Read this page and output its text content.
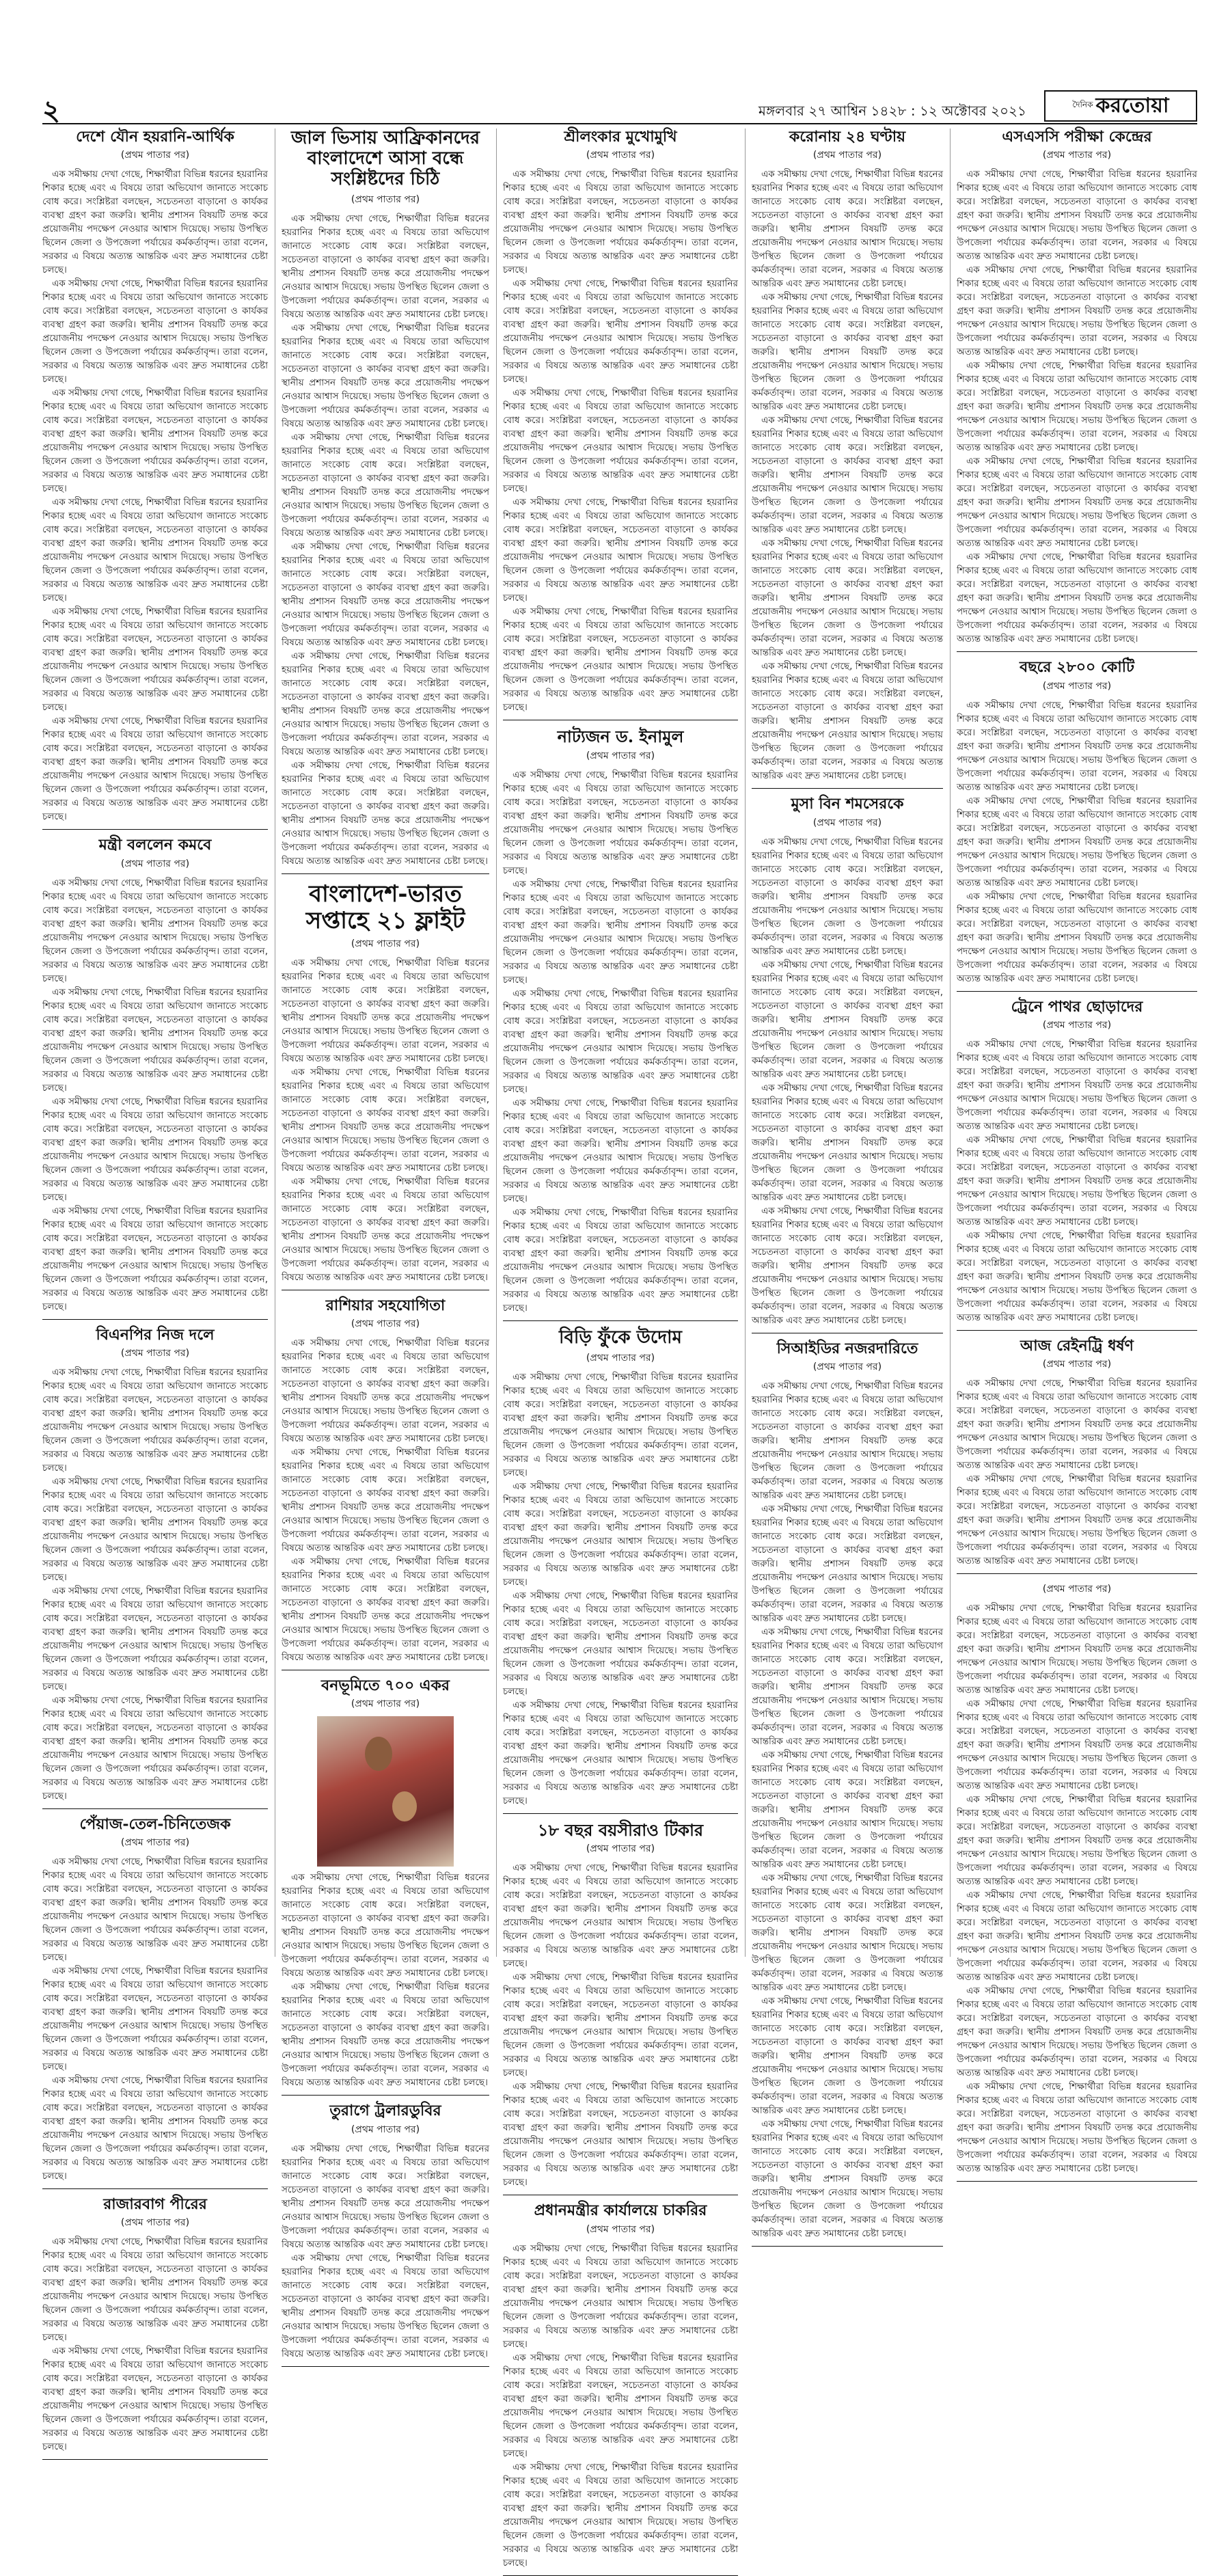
২	মঙ্গলবার ২৭ আশ্বিন ১৪২৮ : ১২ অক্টোবর ২০২১	দৈনিক করতোয়া
দেশে যৌন হয়রানি-আর্থিক
(প্রথম পাতার পর)

এক সমীক্ষায় দেখা গেছে, শিক্ষার্থীরা বিভিন্ন ধরনের হয়রানির শিকার হচ্ছে এবং এ বিষয়ে তারা অভিযোগ জানাতে সংকোচ বোধ করে। সংশ্লিষ্টরা বলছেন, সচেতনতা বাড়ানো ও কার্যকর ব্যবস্থা গ্রহণ করা জরুরি। স্থানীয় প্রশাসন বিষয়টি তদন্ত করে প্রয়োজনীয় পদক্ষেপ নেওয়ার আশ্বাস দিয়েছে। সভায় উপস্থিত ছিলেন জেলা ও উপজেলা পর্যায়ের কর্মকর্তাবৃন্দ। তারা বলেন, সরকার এ বিষয়ে অত্যন্ত আন্তরিক এবং দ্রুত সমাধানের চেষ্টা চলছে।

এক সমীক্ষায় দেখা গেছে, শিক্ষার্থীরা বিভিন্ন ধরনের হয়রানির শিকার হচ্ছে এবং এ বিষয়ে তারা অভিযোগ জানাতে সংকোচ বোধ করে। সংশ্লিষ্টরা বলছেন, সচেতনতা বাড়ানো ও কার্যকর ব্যবস্থা গ্রহণ করা জরুরি। স্থানীয় প্রশাসন বিষয়টি তদন্ত করে প্রয়োজনীয় পদক্ষেপ নেওয়ার আশ্বাস দিয়েছে। সভায় উপস্থিত ছিলেন জেলা ও উপজেলা পর্যায়ের কর্মকর্তাবৃন্দ। তারা বলেন, সরকার এ বিষয়ে অত্যন্ত আন্তরিক এবং দ্রুত সমাধানের চেষ্টা চলছে।

এক সমীক্ষায় দেখা গেছে, শিক্ষার্থীরা বিভিন্ন ধরনের হয়রানির শিকার হচ্ছে এবং এ বিষয়ে তারা অভিযোগ জানাতে সংকোচ বোধ করে। সংশ্লিষ্টরা বলছেন, সচেতনতা বাড়ানো ও কার্যকর ব্যবস্থা গ্রহণ করা জরুরি। স্থানীয় প্রশাসন বিষয়টি তদন্ত করে প্রয়োজনীয় পদক্ষেপ নেওয়ার আশ্বাস দিয়েছে। সভায় উপস্থিত ছিলেন জেলা ও উপজেলা পর্যায়ের কর্মকর্তাবৃন্দ। তারা বলেন, সরকার এ বিষয়ে অত্যন্ত আন্তরিক এবং দ্রুত সমাধানের চেষ্টা চলছে।

এক সমীক্ষায় দেখা গেছে, শিক্ষার্থীরা বিভিন্ন ধরনের হয়রানির শিকার হচ্ছে এবং এ বিষয়ে তারা অভিযোগ জানাতে সংকোচ বোধ করে। সংশ্লিষ্টরা বলছেন, সচেতনতা বাড়ানো ও কার্যকর ব্যবস্থা গ্রহণ করা জরুরি। স্থানীয় প্রশাসন বিষয়টি তদন্ত করে প্রয়োজনীয় পদক্ষেপ নেওয়ার আশ্বাস দিয়েছে। সভায় উপস্থিত ছিলেন জেলা ও উপজেলা পর্যায়ের কর্মকর্তাবৃন্দ। তারা বলেন, সরকার এ বিষয়ে অত্যন্ত আন্তরিক এবং দ্রুত সমাধানের চেষ্টা চলছে।

এক সমীক্ষায় দেখা গেছে, শিক্ষার্থীরা বিভিন্ন ধরনের হয়রানির শিকার হচ্ছে এবং এ বিষয়ে তারা অভিযোগ জানাতে সংকোচ বোধ করে। সংশ্লিষ্টরা বলছেন, সচেতনতা বাড়ানো ও কার্যকর ব্যবস্থা গ্রহণ করা জরুরি। স্থানীয় প্রশাসন বিষয়টি তদন্ত করে প্রয়োজনীয় পদক্ষেপ নেওয়ার আশ্বাস দিয়েছে। সভায় উপস্থিত ছিলেন জেলা ও উপজেলা পর্যায়ের কর্মকর্তাবৃন্দ। তারা বলেন, সরকার এ বিষয়ে অত্যন্ত আন্তরিক এবং দ্রুত সমাধানের চেষ্টা চলছে।

এক সমীক্ষায় দেখা গেছে, শিক্ষার্থীরা বিভিন্ন ধরনের হয়রানির শিকার হচ্ছে এবং এ বিষয়ে তারা অভিযোগ জানাতে সংকোচ বোধ করে। সংশ্লিষ্টরা বলছেন, সচেতনতা বাড়ানো ও কার্যকর ব্যবস্থা গ্রহণ করা জরুরি। স্থানীয় প্রশাসন বিষয়টি তদন্ত করে প্রয়োজনীয় পদক্ষেপ নেওয়ার আশ্বাস দিয়েছে। সভায় উপস্থিত ছিলেন জেলা ও উপজেলা পর্যায়ের কর্মকর্তাবৃন্দ। তারা বলেন, সরকার এ বিষয়ে অত্যন্ত আন্তরিক এবং দ্রুত সমাধানের চেষ্টা চলছে।

মন্ত্রী বললেন কমবে
(প্রথম পাতার পর)

এক সমীক্ষায় দেখা গেছে, শিক্ষার্থীরা বিভিন্ন ধরনের হয়রানির শিকার হচ্ছে এবং এ বিষয়ে তারা অভিযোগ জানাতে সংকোচ বোধ করে। সংশ্লিষ্টরা বলছেন, সচেতনতা বাড়ানো ও কার্যকর ব্যবস্থা গ্রহণ করা জরুরি। স্থানীয় প্রশাসন বিষয়টি তদন্ত করে প্রয়োজনীয় পদক্ষেপ নেওয়ার আশ্বাস দিয়েছে। সভায় উপস্থিত ছিলেন জেলা ও উপজেলা পর্যায়ের কর্মকর্তাবৃন্দ। তারা বলেন, সরকার এ বিষয়ে অত্যন্ত আন্তরিক এবং দ্রুত সমাধানের চেষ্টা চলছে।

এক সমীক্ষায় দেখা গেছে, শিক্ষার্থীরা বিভিন্ন ধরনের হয়রানির শিকার হচ্ছে এবং এ বিষয়ে তারা অভিযোগ জানাতে সংকোচ বোধ করে। সংশ্লিষ্টরা বলছেন, সচেতনতা বাড়ানো ও কার্যকর ব্যবস্থা গ্রহণ করা জরুরি। স্থানীয় প্রশাসন বিষয়টি তদন্ত করে প্রয়োজনীয় পদক্ষেপ নেওয়ার আশ্বাস দিয়েছে। সভায় উপস্থিত ছিলেন জেলা ও উপজেলা পর্যায়ের কর্মকর্তাবৃন্দ। তারা বলেন, সরকার এ বিষয়ে অত্যন্ত আন্তরিক এবং দ্রুত সমাধানের চেষ্টা চলছে।

এক সমীক্ষায় দেখা গেছে, শিক্ষার্থীরা বিভিন্ন ধরনের হয়রানির শিকার হচ্ছে এবং এ বিষয়ে তারা অভিযোগ জানাতে সংকোচ বোধ করে। সংশ্লিষ্টরা বলছেন, সচেতনতা বাড়ানো ও কার্যকর ব্যবস্থা গ্রহণ করা জরুরি। স্থানীয় প্রশাসন বিষয়টি তদন্ত করে প্রয়োজনীয় পদক্ষেপ নেওয়ার আশ্বাস দিয়েছে। সভায় উপস্থিত ছিলেন জেলা ও উপজেলা পর্যায়ের কর্মকর্তাবৃন্দ। তারা বলেন, সরকার এ বিষয়ে অত্যন্ত আন্তরিক এবং দ্রুত সমাধানের চেষ্টা চলছে।

এক সমীক্ষায় দেখা গেছে, শিক্ষার্থীরা বিভিন্ন ধরনের হয়রানির শিকার হচ্ছে এবং এ বিষয়ে তারা অভিযোগ জানাতে সংকোচ বোধ করে। সংশ্লিষ্টরা বলছেন, সচেতনতা বাড়ানো ও কার্যকর ব্যবস্থা গ্রহণ করা জরুরি। স্থানীয় প্রশাসন বিষয়টি তদন্ত করে প্রয়োজনীয় পদক্ষেপ নেওয়ার আশ্বাস দিয়েছে। সভায় উপস্থিত ছিলেন জেলা ও উপজেলা পর্যায়ের কর্মকর্তাবৃন্দ। তারা বলেন, সরকার এ বিষয়ে অত্যন্ত আন্তরিক এবং দ্রুত সমাধানের চেষ্টা চলছে।

বিএনপির নিজ দলে
(প্রথম পাতার পর)

এক সমীক্ষায় দেখা গেছে, শিক্ষার্থীরা বিভিন্ন ধরনের হয়রানির শিকার হচ্ছে এবং এ বিষয়ে তারা অভিযোগ জানাতে সংকোচ বোধ করে। সংশ্লিষ্টরা বলছেন, সচেতনতা বাড়ানো ও কার্যকর ব্যবস্থা গ্রহণ করা জরুরি। স্থানীয় প্রশাসন বিষয়টি তদন্ত করে প্রয়োজনীয় পদক্ষেপ নেওয়ার আশ্বাস দিয়েছে। সভায় উপস্থিত ছিলেন জেলা ও উপজেলা পর্যায়ের কর্মকর্তাবৃন্দ। তারা বলেন, সরকার এ বিষয়ে অত্যন্ত আন্তরিক এবং দ্রুত সমাধানের চেষ্টা চলছে।

এক সমীক্ষায় দেখা গেছে, শিক্ষার্থীরা বিভিন্ন ধরনের হয়রানির শিকার হচ্ছে এবং এ বিষয়ে তারা অভিযোগ জানাতে সংকোচ বোধ করে। সংশ্লিষ্টরা বলছেন, সচেতনতা বাড়ানো ও কার্যকর ব্যবস্থা গ্রহণ করা জরুরি। স্থানীয় প্রশাসন বিষয়টি তদন্ত করে প্রয়োজনীয় পদক্ষেপ নেওয়ার আশ্বাস দিয়েছে। সভায় উপস্থিত ছিলেন জেলা ও উপজেলা পর্যায়ের কর্মকর্তাবৃন্দ। তারা বলেন, সরকার এ বিষয়ে অত্যন্ত আন্তরিক এবং দ্রুত সমাধানের চেষ্টা চলছে।

এক সমীক্ষায় দেখা গেছে, শিক্ষার্থীরা বিভিন্ন ধরনের হয়রানির শিকার হচ্ছে এবং এ বিষয়ে তারা অভিযোগ জানাতে সংকোচ বোধ করে। সংশ্লিষ্টরা বলছেন, সচেতনতা বাড়ানো ও কার্যকর ব্যবস্থা গ্রহণ করা জরুরি। স্থানীয় প্রশাসন বিষয়টি তদন্ত করে প্রয়োজনীয় পদক্ষেপ নেওয়ার আশ্বাস দিয়েছে। সভায় উপস্থিত ছিলেন জেলা ও উপজেলা পর্যায়ের কর্মকর্তাবৃন্দ। তারা বলেন, সরকার এ বিষয়ে অত্যন্ত আন্তরিক এবং দ্রুত সমাধানের চেষ্টা চলছে।

এক সমীক্ষায় দেখা গেছে, শিক্ষার্থীরা বিভিন্ন ধরনের হয়রানির শিকার হচ্ছে এবং এ বিষয়ে তারা অভিযোগ জানাতে সংকোচ বোধ করে। সংশ্লিষ্টরা বলছেন, সচেতনতা বাড়ানো ও কার্যকর ব্যবস্থা গ্রহণ করা জরুরি। স্থানীয় প্রশাসন বিষয়টি তদন্ত করে প্রয়োজনীয় পদক্ষেপ নেওয়ার আশ্বাস দিয়েছে। সভায় উপস্থিত ছিলেন জেলা ও উপজেলা পর্যায়ের কর্মকর্তাবৃন্দ। তারা বলেন, সরকার এ বিষয়ে অত্যন্ত আন্তরিক এবং দ্রুত সমাধানের চেষ্টা চলছে।

পেঁয়াজ-তেল-চিনিতেজক
(প্রথম পাতার পর)

এক সমীক্ষায় দেখা গেছে, শিক্ষার্থীরা বিভিন্ন ধরনের হয়রানির শিকার হচ্ছে এবং এ বিষয়ে তারা অভিযোগ জানাতে সংকোচ বোধ করে। সংশ্লিষ্টরা বলছেন, সচেতনতা বাড়ানো ও কার্যকর ব্যবস্থা গ্রহণ করা জরুরি। স্থানীয় প্রশাসন বিষয়টি তদন্ত করে প্রয়োজনীয় পদক্ষেপ নেওয়ার আশ্বাস দিয়েছে। সভায় উপস্থিত ছিলেন জেলা ও উপজেলা পর্যায়ের কর্মকর্তাবৃন্দ। তারা বলেন, সরকার এ বিষয়ে অত্যন্ত আন্তরিক এবং দ্রুত সমাধানের চেষ্টা চলছে।

এক সমীক্ষায় দেখা গেছে, শিক্ষার্থীরা বিভিন্ন ধরনের হয়রানির শিকার হচ্ছে এবং এ বিষয়ে তারা অভিযোগ জানাতে সংকোচ বোধ করে। সংশ্লিষ্টরা বলছেন, সচেতনতা বাড়ানো ও কার্যকর ব্যবস্থা গ্রহণ করা জরুরি। স্থানীয় প্রশাসন বিষয়টি তদন্ত করে প্রয়োজনীয় পদক্ষেপ নেওয়ার আশ্বাস দিয়েছে। সভায় উপস্থিত ছিলেন জেলা ও উপজেলা পর্যায়ের কর্মকর্তাবৃন্দ। তারা বলেন, সরকার এ বিষয়ে অত্যন্ত আন্তরিক এবং দ্রুত সমাধানের চেষ্টা চলছে।

এক সমীক্ষায় দেখা গেছে, শিক্ষার্থীরা বিভিন্ন ধরনের হয়রানির শিকার হচ্ছে এবং এ বিষয়ে তারা অভিযোগ জানাতে সংকোচ বোধ করে। সংশ্লিষ্টরা বলছেন, সচেতনতা বাড়ানো ও কার্যকর ব্যবস্থা গ্রহণ করা জরুরি। স্থানীয় প্রশাসন বিষয়টি তদন্ত করে প্রয়োজনীয় পদক্ষেপ নেওয়ার আশ্বাস দিয়েছে। সভায় উপস্থিত ছিলেন জেলা ও উপজেলা পর্যায়ের কর্মকর্তাবৃন্দ। তারা বলেন, সরকার এ বিষয়ে অত্যন্ত আন্তরিক এবং দ্রুত সমাধানের চেষ্টা চলছে।

রাজারবাগ পীরের
(প্রথম পাতার পর)

এক সমীক্ষায় দেখা গেছে, শিক্ষার্থীরা বিভিন্ন ধরনের হয়রানির শিকার হচ্ছে এবং এ বিষয়ে তারা অভিযোগ জানাতে সংকোচ বোধ করে। সংশ্লিষ্টরা বলছেন, সচেতনতা বাড়ানো ও কার্যকর ব্যবস্থা গ্রহণ করা জরুরি। স্থানীয় প্রশাসন বিষয়টি তদন্ত করে প্রয়োজনীয় পদক্ষেপ নেওয়ার আশ্বাস দিয়েছে। সভায় উপস্থিত ছিলেন জেলা ও উপজেলা পর্যায়ের কর্মকর্তাবৃন্দ। তারা বলেন, সরকার এ বিষয়ে অত্যন্ত আন্তরিক এবং দ্রুত সমাধানের চেষ্টা চলছে।

এক সমীক্ষায় দেখা গেছে, শিক্ষার্থীরা বিভিন্ন ধরনের হয়রানির শিকার হচ্ছে এবং এ বিষয়ে তারা অভিযোগ জানাতে সংকোচ বোধ করে। সংশ্লিষ্টরা বলছেন, সচেতনতা বাড়ানো ও কার্যকর ব্যবস্থা গ্রহণ করা জরুরি। স্থানীয় প্রশাসন বিষয়টি তদন্ত করে প্রয়োজনীয় পদক্ষেপ নেওয়ার আশ্বাস দিয়েছে। সভায় উপস্থিত ছিলেন জেলা ও উপজেলা পর্যায়ের কর্মকর্তাবৃন্দ। তারা বলেন, সরকার এ বিষয়ে অত্যন্ত আন্তরিক এবং দ্রুত সমাধানের চেষ্টা চলছে।

জাল ভিসায় আফ্রিকানদের বাংলাদেশে আসা বন্ধে সংশ্লিষ্টদের চিঠি
(প্রথম পাতার পর)

এক সমীক্ষায় দেখা গেছে, শিক্ষার্থীরা বিভিন্ন ধরনের হয়রানির শিকার হচ্ছে এবং এ বিষয়ে তারা অভিযোগ জানাতে সংকোচ বোধ করে। সংশ্লিষ্টরা বলছেন, সচেতনতা বাড়ানো ও কার্যকর ব্যবস্থা গ্রহণ করা জরুরি। স্থানীয় প্রশাসন বিষয়টি তদন্ত করে প্রয়োজনীয় পদক্ষেপ নেওয়ার আশ্বাস দিয়েছে। সভায় উপস্থিত ছিলেন জেলা ও উপজেলা পর্যায়ের কর্মকর্তাবৃন্দ। তারা বলেন, সরকার এ বিষয়ে অত্যন্ত আন্তরিক এবং দ্রুত সমাধানের চেষ্টা চলছে।

এক সমীক্ষায় দেখা গেছে, শিক্ষার্থীরা বিভিন্ন ধরনের হয়রানির শিকার হচ্ছে এবং এ বিষয়ে তারা অভিযোগ জানাতে সংকোচ বোধ করে। সংশ্লিষ্টরা বলছেন, সচেতনতা বাড়ানো ও কার্যকর ব্যবস্থা গ্রহণ করা জরুরি। স্থানীয় প্রশাসন বিষয়টি তদন্ত করে প্রয়োজনীয় পদক্ষেপ নেওয়ার আশ্বাস দিয়েছে। সভায় উপস্থিত ছিলেন জেলা ও উপজেলা পর্যায়ের কর্মকর্তাবৃন্দ। তারা বলেন, সরকার এ বিষয়ে অত্যন্ত আন্তরিক এবং দ্রুত সমাধানের চেষ্টা চলছে।

এক সমীক্ষায় দেখা গেছে, শিক্ষার্থীরা বিভিন্ন ধরনের হয়রানির শিকার হচ্ছে এবং এ বিষয়ে তারা অভিযোগ জানাতে সংকোচ বোধ করে। সংশ্লিষ্টরা বলছেন, সচেতনতা বাড়ানো ও কার্যকর ব্যবস্থা গ্রহণ করা জরুরি। স্থানীয় প্রশাসন বিষয়টি তদন্ত করে প্রয়োজনীয় পদক্ষেপ নেওয়ার আশ্বাস দিয়েছে। সভায় উপস্থিত ছিলেন জেলা ও উপজেলা পর্যায়ের কর্মকর্তাবৃন্দ। তারা বলেন, সরকার এ বিষয়ে অত্যন্ত আন্তরিক এবং দ্রুত সমাধানের চেষ্টা চলছে।

এক সমীক্ষায় দেখা গেছে, শিক্ষার্থীরা বিভিন্ন ধরনের হয়রানির শিকার হচ্ছে এবং এ বিষয়ে তারা অভিযোগ জানাতে সংকোচ বোধ করে। সংশ্লিষ্টরা বলছেন, সচেতনতা বাড়ানো ও কার্যকর ব্যবস্থা গ্রহণ করা জরুরি। স্থানীয় প্রশাসন বিষয়টি তদন্ত করে প্রয়োজনীয় পদক্ষেপ নেওয়ার আশ্বাস দিয়েছে। সভায় উপস্থিত ছিলেন জেলা ও উপজেলা পর্যায়ের কর্মকর্তাবৃন্দ। তারা বলেন, সরকার এ বিষয়ে অত্যন্ত আন্তরিক এবং দ্রুত সমাধানের চেষ্টা চলছে।

এক সমীক্ষায় দেখা গেছে, শিক্ষার্থীরা বিভিন্ন ধরনের হয়রানির শিকার হচ্ছে এবং এ বিষয়ে তারা অভিযোগ জানাতে সংকোচ বোধ করে। সংশ্লিষ্টরা বলছেন, সচেতনতা বাড়ানো ও কার্যকর ব্যবস্থা গ্রহণ করা জরুরি। স্থানীয় প্রশাসন বিষয়টি তদন্ত করে প্রয়োজনীয় পদক্ষেপ নেওয়ার আশ্বাস দিয়েছে। সভায় উপস্থিত ছিলেন জেলা ও উপজেলা পর্যায়ের কর্মকর্তাবৃন্দ। তারা বলেন, সরকার এ বিষয়ে অত্যন্ত আন্তরিক এবং দ্রুত সমাধানের চেষ্টা চলছে।

এক সমীক্ষায় দেখা গেছে, শিক্ষার্থীরা বিভিন্ন ধরনের হয়রানির শিকার হচ্ছে এবং এ বিষয়ে তারা অভিযোগ জানাতে সংকোচ বোধ করে। সংশ্লিষ্টরা বলছেন, সচেতনতা বাড়ানো ও কার্যকর ব্যবস্থা গ্রহণ করা জরুরি। স্থানীয় প্রশাসন বিষয়টি তদন্ত করে প্রয়োজনীয় পদক্ষেপ নেওয়ার আশ্বাস দিয়েছে। সভায় উপস্থিত ছিলেন জেলা ও উপজেলা পর্যায়ের কর্মকর্তাবৃন্দ। তারা বলেন, সরকার এ বিষয়ে অত্যন্ত আন্তরিক এবং দ্রুত সমাধানের চেষ্টা চলছে।

বাংলাদেশ-ভারত সপ্তাহে ২১ ফ্লাইট
(প্রথম পাতার পর)

এক সমীক্ষায় দেখা গেছে, শিক্ষার্থীরা বিভিন্ন ধরনের হয়রানির শিকার হচ্ছে এবং এ বিষয়ে তারা অভিযোগ জানাতে সংকোচ বোধ করে। সংশ্লিষ্টরা বলছেন, সচেতনতা বাড়ানো ও কার্যকর ব্যবস্থা গ্রহণ করা জরুরি। স্থানীয় প্রশাসন বিষয়টি তদন্ত করে প্রয়োজনীয় পদক্ষেপ নেওয়ার আশ্বাস দিয়েছে। সভায় উপস্থিত ছিলেন জেলা ও উপজেলা পর্যায়ের কর্মকর্তাবৃন্দ। তারা বলেন, সরকার এ বিষয়ে অত্যন্ত আন্তরিক এবং দ্রুত সমাধানের চেষ্টা চলছে।

এক সমীক্ষায় দেখা গেছে, শিক্ষার্থীরা বিভিন্ন ধরনের হয়রানির শিকার হচ্ছে এবং এ বিষয়ে তারা অভিযোগ জানাতে সংকোচ বোধ করে। সংশ্লিষ্টরা বলছেন, সচেতনতা বাড়ানো ও কার্যকর ব্যবস্থা গ্রহণ করা জরুরি। স্থানীয় প্রশাসন বিষয়টি তদন্ত করে প্রয়োজনীয় পদক্ষেপ নেওয়ার আশ্বাস দিয়েছে। সভায় উপস্থিত ছিলেন জেলা ও উপজেলা পর্যায়ের কর্মকর্তাবৃন্দ। তারা বলেন, সরকার এ বিষয়ে অত্যন্ত আন্তরিক এবং দ্রুত সমাধানের চেষ্টা চলছে।

এক সমীক্ষায় দেখা গেছে, শিক্ষার্থীরা বিভিন্ন ধরনের হয়রানির শিকার হচ্ছে এবং এ বিষয়ে তারা অভিযোগ জানাতে সংকোচ বোধ করে। সংশ্লিষ্টরা বলছেন, সচেতনতা বাড়ানো ও কার্যকর ব্যবস্থা গ্রহণ করা জরুরি। স্থানীয় প্রশাসন বিষয়টি তদন্ত করে প্রয়োজনীয় পদক্ষেপ নেওয়ার আশ্বাস দিয়েছে। সভায় উপস্থিত ছিলেন জেলা ও উপজেলা পর্যায়ের কর্মকর্তাবৃন্দ। তারা বলেন, সরকার এ বিষয়ে অত্যন্ত আন্তরিক এবং দ্রুত সমাধানের চেষ্টা চলছে।

রাশিয়ার সহযোগিতা
(প্রথম পাতার পর)

এক সমীক্ষায় দেখা গেছে, শিক্ষার্থীরা বিভিন্ন ধরনের হয়রানির শিকার হচ্ছে এবং এ বিষয়ে তারা অভিযোগ জানাতে সংকোচ বোধ করে। সংশ্লিষ্টরা বলছেন, সচেতনতা বাড়ানো ও কার্যকর ব্যবস্থা গ্রহণ করা জরুরি। স্থানীয় প্রশাসন বিষয়টি তদন্ত করে প্রয়োজনীয় পদক্ষেপ নেওয়ার আশ্বাস দিয়েছে। সভায় উপস্থিত ছিলেন জেলা ও উপজেলা পর্যায়ের কর্মকর্তাবৃন্দ। তারা বলেন, সরকার এ বিষয়ে অত্যন্ত আন্তরিক এবং দ্রুত সমাধানের চেষ্টা চলছে।

এক সমীক্ষায় দেখা গেছে, শিক্ষার্থীরা বিভিন্ন ধরনের হয়রানির শিকার হচ্ছে এবং এ বিষয়ে তারা অভিযোগ জানাতে সংকোচ বোধ করে। সংশ্লিষ্টরা বলছেন, সচেতনতা বাড়ানো ও কার্যকর ব্যবস্থা গ্রহণ করা জরুরি। স্থানীয় প্রশাসন বিষয়টি তদন্ত করে প্রয়োজনীয় পদক্ষেপ নেওয়ার আশ্বাস দিয়েছে। সভায় উপস্থিত ছিলেন জেলা ও উপজেলা পর্যায়ের কর্মকর্তাবৃন্দ। তারা বলেন, সরকার এ বিষয়ে অত্যন্ত আন্তরিক এবং দ্রুত সমাধানের চেষ্টা চলছে।

এক সমীক্ষায় দেখা গেছে, শিক্ষার্থীরা বিভিন্ন ধরনের হয়রানির শিকার হচ্ছে এবং এ বিষয়ে তারা অভিযোগ জানাতে সংকোচ বোধ করে। সংশ্লিষ্টরা বলছেন, সচেতনতা বাড়ানো ও কার্যকর ব্যবস্থা গ্রহণ করা জরুরি। স্থানীয় প্রশাসন বিষয়টি তদন্ত করে প্রয়োজনীয় পদক্ষেপ নেওয়ার আশ্বাস দিয়েছে। সভায় উপস্থিত ছিলেন জেলা ও উপজেলা পর্যায়ের কর্মকর্তাবৃন্দ। তারা বলেন, সরকার এ বিষয়ে অত্যন্ত আন্তরিক এবং দ্রুত সমাধানের চেষ্টা চলছে।

বনভূমিতে ৭০০ একর
(প্রথম পাতার পর)

এক সমীক্ষায় দেখা গেছে, শিক্ষার্থীরা বিভিন্ন ধরনের হয়রানির শিকার হচ্ছে এবং এ বিষয়ে তারা অভিযোগ জানাতে সংকোচ বোধ করে। সংশ্লিষ্টরা বলছেন, সচেতনতা বাড়ানো ও কার্যকর ব্যবস্থা গ্রহণ করা জরুরি। স্থানীয় প্রশাসন বিষয়টি তদন্ত করে প্রয়োজনীয় পদক্ষেপ নেওয়ার আশ্বাস দিয়েছে। সভায় উপস্থিত ছিলেন জেলা ও উপজেলা পর্যায়ের কর্মকর্তাবৃন্দ। তারা বলেন, সরকার এ বিষয়ে অত্যন্ত আন্তরিক এবং দ্রুত সমাধানের চেষ্টা চলছে।

এক সমীক্ষায় দেখা গেছে, শিক্ষার্থীরা বিভিন্ন ধরনের হয়রানির শিকার হচ্ছে এবং এ বিষয়ে তারা অভিযোগ জানাতে সংকোচ বোধ করে। সংশ্লিষ্টরা বলছেন, সচেতনতা বাড়ানো ও কার্যকর ব্যবস্থা গ্রহণ করা জরুরি। স্থানীয় প্রশাসন বিষয়টি তদন্ত করে প্রয়োজনীয় পদক্ষেপ নেওয়ার আশ্বাস দিয়েছে। সভায় উপস্থিত ছিলেন জেলা ও উপজেলা পর্যায়ের কর্মকর্তাবৃন্দ। তারা বলেন, সরকার এ বিষয়ে অত্যন্ত আন্তরিক এবং দ্রুত সমাধানের চেষ্টা চলছে।

তুরাগে ট্রলারডুবির
(প্রথম পাতার পর)

এক সমীক্ষায় দেখা গেছে, শিক্ষার্থীরা বিভিন্ন ধরনের হয়রানির শিকার হচ্ছে এবং এ বিষয়ে তারা অভিযোগ জানাতে সংকোচ বোধ করে। সংশ্লিষ্টরা বলছেন, সচেতনতা বাড়ানো ও কার্যকর ব্যবস্থা গ্রহণ করা জরুরি। স্থানীয় প্রশাসন বিষয়টি তদন্ত করে প্রয়োজনীয় পদক্ষেপ নেওয়ার আশ্বাস দিয়েছে। সভায় উপস্থিত ছিলেন জেলা ও উপজেলা পর্যায়ের কর্মকর্তাবৃন্দ। তারা বলেন, সরকার এ বিষয়ে অত্যন্ত আন্তরিক এবং দ্রুত সমাধানের চেষ্টা চলছে।

এক সমীক্ষায় দেখা গেছে, শিক্ষার্থীরা বিভিন্ন ধরনের হয়রানির শিকার হচ্ছে এবং এ বিষয়ে তারা অভিযোগ জানাতে সংকোচ বোধ করে। সংশ্লিষ্টরা বলছেন, সচেতনতা বাড়ানো ও কার্যকর ব্যবস্থা গ্রহণ করা জরুরি। স্থানীয় প্রশাসন বিষয়টি তদন্ত করে প্রয়োজনীয় পদক্ষেপ নেওয়ার আশ্বাস দিয়েছে। সভায় উপস্থিত ছিলেন জেলা ও উপজেলা পর্যায়ের কর্মকর্তাবৃন্দ। তারা বলেন, সরকার এ বিষয়ে অত্যন্ত আন্তরিক এবং দ্রুত সমাধানের চেষ্টা চলছে।

শ্রীলংকার মুখোমুখি
(প্রথম পাতার পর)

এক সমীক্ষায় দেখা গেছে, শিক্ষার্থীরা বিভিন্ন ধরনের হয়রানির শিকার হচ্ছে এবং এ বিষয়ে তারা অভিযোগ জানাতে সংকোচ বোধ করে। সংশ্লিষ্টরা বলছেন, সচেতনতা বাড়ানো ও কার্যকর ব্যবস্থা গ্রহণ করা জরুরি। স্থানীয় প্রশাসন বিষয়টি তদন্ত করে প্রয়োজনীয় পদক্ষেপ নেওয়ার আশ্বাস দিয়েছে। সভায় উপস্থিত ছিলেন জেলা ও উপজেলা পর্যায়ের কর্মকর্তাবৃন্দ। তারা বলেন, সরকার এ বিষয়ে অত্যন্ত আন্তরিক এবং দ্রুত সমাধানের চেষ্টা চলছে।

এক সমীক্ষায় দেখা গেছে, শিক্ষার্থীরা বিভিন্ন ধরনের হয়রানির শিকার হচ্ছে এবং এ বিষয়ে তারা অভিযোগ জানাতে সংকোচ বোধ করে। সংশ্লিষ্টরা বলছেন, সচেতনতা বাড়ানো ও কার্যকর ব্যবস্থা গ্রহণ করা জরুরি। স্থানীয় প্রশাসন বিষয়টি তদন্ত করে প্রয়োজনীয় পদক্ষেপ নেওয়ার আশ্বাস দিয়েছে। সভায় উপস্থিত ছিলেন জেলা ও উপজেলা পর্যায়ের কর্মকর্তাবৃন্দ। তারা বলেন, সরকার এ বিষয়ে অত্যন্ত আন্তরিক এবং দ্রুত সমাধানের চেষ্টা চলছে।

এক সমীক্ষায় দেখা গেছে, শিক্ষার্থীরা বিভিন্ন ধরনের হয়রানির শিকার হচ্ছে এবং এ বিষয়ে তারা অভিযোগ জানাতে সংকোচ বোধ করে। সংশ্লিষ্টরা বলছেন, সচেতনতা বাড়ানো ও কার্যকর ব্যবস্থা গ্রহণ করা জরুরি। স্থানীয় প্রশাসন বিষয়টি তদন্ত করে প্রয়োজনীয় পদক্ষেপ নেওয়ার আশ্বাস দিয়েছে। সভায় উপস্থিত ছিলেন জেলা ও উপজেলা পর্যায়ের কর্মকর্তাবৃন্দ। তারা বলেন, সরকার এ বিষয়ে অত্যন্ত আন্তরিক এবং দ্রুত সমাধানের চেষ্টা চলছে।

এক সমীক্ষায় দেখা গেছে, শিক্ষার্থীরা বিভিন্ন ধরনের হয়রানির শিকার হচ্ছে এবং এ বিষয়ে তারা অভিযোগ জানাতে সংকোচ বোধ করে। সংশ্লিষ্টরা বলছেন, সচেতনতা বাড়ানো ও কার্যকর ব্যবস্থা গ্রহণ করা জরুরি। স্থানীয় প্রশাসন বিষয়টি তদন্ত করে প্রয়োজনীয় পদক্ষেপ নেওয়ার আশ্বাস দিয়েছে। সভায় উপস্থিত ছিলেন জেলা ও উপজেলা পর্যায়ের কর্মকর্তাবৃন্দ। তারা বলেন, সরকার এ বিষয়ে অত্যন্ত আন্তরিক এবং দ্রুত সমাধানের চেষ্টা চলছে।

এক সমীক্ষায় দেখা গেছে, শিক্ষার্থীরা বিভিন্ন ধরনের হয়রানির শিকার হচ্ছে এবং এ বিষয়ে তারা অভিযোগ জানাতে সংকোচ বোধ করে। সংশ্লিষ্টরা বলছেন, সচেতনতা বাড়ানো ও কার্যকর ব্যবস্থা গ্রহণ করা জরুরি। স্থানীয় প্রশাসন বিষয়টি তদন্ত করে প্রয়োজনীয় পদক্ষেপ নেওয়ার আশ্বাস দিয়েছে। সভায় উপস্থিত ছিলেন জেলা ও উপজেলা পর্যায়ের কর্মকর্তাবৃন্দ। তারা বলেন, সরকার এ বিষয়ে অত্যন্ত আন্তরিক এবং দ্রুত সমাধানের চেষ্টা চলছে।

নাট্যজন ড. ইনামুল
(প্রথম পাতার পর)

এক সমীক্ষায় দেখা গেছে, শিক্ষার্থীরা বিভিন্ন ধরনের হয়রানির শিকার হচ্ছে এবং এ বিষয়ে তারা অভিযোগ জানাতে সংকোচ বোধ করে। সংশ্লিষ্টরা বলছেন, সচেতনতা বাড়ানো ও কার্যকর ব্যবস্থা গ্রহণ করা জরুরি। স্থানীয় প্রশাসন বিষয়টি তদন্ত করে প্রয়োজনীয় পদক্ষেপ নেওয়ার আশ্বাস দিয়েছে। সভায় উপস্থিত ছিলেন জেলা ও উপজেলা পর্যায়ের কর্মকর্তাবৃন্দ। তারা বলেন, সরকার এ বিষয়ে অত্যন্ত আন্তরিক এবং দ্রুত সমাধানের চেষ্টা চলছে।

এক সমীক্ষায় দেখা গেছে, শিক্ষার্থীরা বিভিন্ন ধরনের হয়রানির শিকার হচ্ছে এবং এ বিষয়ে তারা অভিযোগ জানাতে সংকোচ বোধ করে। সংশ্লিষ্টরা বলছেন, সচেতনতা বাড়ানো ও কার্যকর ব্যবস্থা গ্রহণ করা জরুরি। স্থানীয় প্রশাসন বিষয়টি তদন্ত করে প্রয়োজনীয় পদক্ষেপ নেওয়ার আশ্বাস দিয়েছে। সভায় উপস্থিত ছিলেন জেলা ও উপজেলা পর্যায়ের কর্মকর্তাবৃন্দ। তারা বলেন, সরকার এ বিষয়ে অত্যন্ত আন্তরিক এবং দ্রুত সমাধানের চেষ্টা চলছে।

এক সমীক্ষায় দেখা গেছে, শিক্ষার্থীরা বিভিন্ন ধরনের হয়রানির শিকার হচ্ছে এবং এ বিষয়ে তারা অভিযোগ জানাতে সংকোচ বোধ করে। সংশ্লিষ্টরা বলছেন, সচেতনতা বাড়ানো ও কার্যকর ব্যবস্থা গ্রহণ করা জরুরি। স্থানীয় প্রশাসন বিষয়টি তদন্ত করে প্রয়োজনীয় পদক্ষেপ নেওয়ার আশ্বাস দিয়েছে। সভায় উপস্থিত ছিলেন জেলা ও উপজেলা পর্যায়ের কর্মকর্তাবৃন্দ। তারা বলেন, সরকার এ বিষয়ে অত্যন্ত আন্তরিক এবং দ্রুত সমাধানের চেষ্টা চলছে।

এক সমীক্ষায় দেখা গেছে, শিক্ষার্থীরা বিভিন্ন ধরনের হয়রানির শিকার হচ্ছে এবং এ বিষয়ে তারা অভিযোগ জানাতে সংকোচ বোধ করে। সংশ্লিষ্টরা বলছেন, সচেতনতা বাড়ানো ও কার্যকর ব্যবস্থা গ্রহণ করা জরুরি। স্থানীয় প্রশাসন বিষয়টি তদন্ত করে প্রয়োজনীয় পদক্ষেপ নেওয়ার আশ্বাস দিয়েছে। সভায় উপস্থিত ছিলেন জেলা ও উপজেলা পর্যায়ের কর্মকর্তাবৃন্দ। তারা বলেন, সরকার এ বিষয়ে অত্যন্ত আন্তরিক এবং দ্রুত সমাধানের চেষ্টা চলছে।

এক সমীক্ষায় দেখা গেছে, শিক্ষার্থীরা বিভিন্ন ধরনের হয়রানির শিকার হচ্ছে এবং এ বিষয়ে তারা অভিযোগ জানাতে সংকোচ বোধ করে। সংশ্লিষ্টরা বলছেন, সচেতনতা বাড়ানো ও কার্যকর ব্যবস্থা গ্রহণ করা জরুরি। স্থানীয় প্রশাসন বিষয়টি তদন্ত করে প্রয়োজনীয় পদক্ষেপ নেওয়ার আশ্বাস দিয়েছে। সভায় উপস্থিত ছিলেন জেলা ও উপজেলা পর্যায়ের কর্মকর্তাবৃন্দ। তারা বলেন, সরকার এ বিষয়ে অত্যন্ত আন্তরিক এবং দ্রুত সমাধানের চেষ্টা চলছে।

বিড়ি ফুঁকে উদোম
(প্রথম পাতার পর)

এক সমীক্ষায় দেখা গেছে, শিক্ষার্থীরা বিভিন্ন ধরনের হয়রানির শিকার হচ্ছে এবং এ বিষয়ে তারা অভিযোগ জানাতে সংকোচ বোধ করে। সংশ্লিষ্টরা বলছেন, সচেতনতা বাড়ানো ও কার্যকর ব্যবস্থা গ্রহণ করা জরুরি। স্থানীয় প্রশাসন বিষয়টি তদন্ত করে প্রয়োজনীয় পদক্ষেপ নেওয়ার আশ্বাস দিয়েছে। সভায় উপস্থিত ছিলেন জেলা ও উপজেলা পর্যায়ের কর্মকর্তাবৃন্দ। তারা বলেন, সরকার এ বিষয়ে অত্যন্ত আন্তরিক এবং দ্রুত সমাধানের চেষ্টা চলছে।

এক সমীক্ষায় দেখা গেছে, শিক্ষার্থীরা বিভিন্ন ধরনের হয়রানির শিকার হচ্ছে এবং এ বিষয়ে তারা অভিযোগ জানাতে সংকোচ বোধ করে। সংশ্লিষ্টরা বলছেন, সচেতনতা বাড়ানো ও কার্যকর ব্যবস্থা গ্রহণ করা জরুরি। স্থানীয় প্রশাসন বিষয়টি তদন্ত করে প্রয়োজনীয় পদক্ষেপ নেওয়ার আশ্বাস দিয়েছে। সভায় উপস্থিত ছিলেন জেলা ও উপজেলা পর্যায়ের কর্মকর্তাবৃন্দ। তারা বলেন, সরকার এ বিষয়ে অত্যন্ত আন্তরিক এবং দ্রুত সমাধানের চেষ্টা চলছে।

এক সমীক্ষায় দেখা গেছে, শিক্ষার্থীরা বিভিন্ন ধরনের হয়রানির শিকার হচ্ছে এবং এ বিষয়ে তারা অভিযোগ জানাতে সংকোচ বোধ করে। সংশ্লিষ্টরা বলছেন, সচেতনতা বাড়ানো ও কার্যকর ব্যবস্থা গ্রহণ করা জরুরি। স্থানীয় প্রশাসন বিষয়টি তদন্ত করে প্রয়োজনীয় পদক্ষেপ নেওয়ার আশ্বাস দিয়েছে। সভায় উপস্থিত ছিলেন জেলা ও উপজেলা পর্যায়ের কর্মকর্তাবৃন্দ। তারা বলেন, সরকার এ বিষয়ে অত্যন্ত আন্তরিক এবং দ্রুত সমাধানের চেষ্টা চলছে।

এক সমীক্ষায় দেখা গেছে, শিক্ষার্থীরা বিভিন্ন ধরনের হয়রানির শিকার হচ্ছে এবং এ বিষয়ে তারা অভিযোগ জানাতে সংকোচ বোধ করে। সংশ্লিষ্টরা বলছেন, সচেতনতা বাড়ানো ও কার্যকর ব্যবস্থা গ্রহণ করা জরুরি। স্থানীয় প্রশাসন বিষয়টি তদন্ত করে প্রয়োজনীয় পদক্ষেপ নেওয়ার আশ্বাস দিয়েছে। সভায় উপস্থিত ছিলেন জেলা ও উপজেলা পর্যায়ের কর্মকর্তাবৃন্দ। তারা বলেন, সরকার এ বিষয়ে অত্যন্ত আন্তরিক এবং দ্রুত সমাধানের চেষ্টা চলছে।

১৮ বছর বয়সীরাও টিকার
(প্রথম পাতার পর)

এক সমীক্ষায় দেখা গেছে, শিক্ষার্থীরা বিভিন্ন ধরনের হয়রানির শিকার হচ্ছে এবং এ বিষয়ে তারা অভিযোগ জানাতে সংকোচ বোধ করে। সংশ্লিষ্টরা বলছেন, সচেতনতা বাড়ানো ও কার্যকর ব্যবস্থা গ্রহণ করা জরুরি। স্থানীয় প্রশাসন বিষয়টি তদন্ত করে প্রয়োজনীয় পদক্ষেপ নেওয়ার আশ্বাস দিয়েছে। সভায় উপস্থিত ছিলেন জেলা ও উপজেলা পর্যায়ের কর্মকর্তাবৃন্দ। তারা বলেন, সরকার এ বিষয়ে অত্যন্ত আন্তরিক এবং দ্রুত সমাধানের চেষ্টা চলছে।

এক সমীক্ষায় দেখা গেছে, শিক্ষার্থীরা বিভিন্ন ধরনের হয়রানির শিকার হচ্ছে এবং এ বিষয়ে তারা অভিযোগ জানাতে সংকোচ বোধ করে। সংশ্লিষ্টরা বলছেন, সচেতনতা বাড়ানো ও কার্যকর ব্যবস্থা গ্রহণ করা জরুরি। স্থানীয় প্রশাসন বিষয়টি তদন্ত করে প্রয়োজনীয় পদক্ষেপ নেওয়ার আশ্বাস দিয়েছে। সভায় উপস্থিত ছিলেন জেলা ও উপজেলা পর্যায়ের কর্মকর্তাবৃন্দ। তারা বলেন, সরকার এ বিষয়ে অত্যন্ত আন্তরিক এবং দ্রুত সমাধানের চেষ্টা চলছে।

এক সমীক্ষায় দেখা গেছে, শিক্ষার্থীরা বিভিন্ন ধরনের হয়রানির শিকার হচ্ছে এবং এ বিষয়ে তারা অভিযোগ জানাতে সংকোচ বোধ করে। সংশ্লিষ্টরা বলছেন, সচেতনতা বাড়ানো ও কার্যকর ব্যবস্থা গ্রহণ করা জরুরি। স্থানীয় প্রশাসন বিষয়টি তদন্ত করে প্রয়োজনীয় পদক্ষেপ নেওয়ার আশ্বাস দিয়েছে। সভায় উপস্থিত ছিলেন জেলা ও উপজেলা পর্যায়ের কর্মকর্তাবৃন্দ। তারা বলেন, সরকার এ বিষয়ে অত্যন্ত আন্তরিক এবং দ্রুত সমাধানের চেষ্টা চলছে।

প্রধানমন্ত্রীর কার্যালয়ে চাকরির
(প্রথম পাতার পর)

এক সমীক্ষায় দেখা গেছে, শিক্ষার্থীরা বিভিন্ন ধরনের হয়রানির শিকার হচ্ছে এবং এ বিষয়ে তারা অভিযোগ জানাতে সংকোচ বোধ করে। সংশ্লিষ্টরা বলছেন, সচেতনতা বাড়ানো ও কার্যকর ব্যবস্থা গ্রহণ করা জরুরি। স্থানীয় প্রশাসন বিষয়টি তদন্ত করে প্রয়োজনীয় পদক্ষেপ নেওয়ার আশ্বাস দিয়েছে। সভায় উপস্থিত ছিলেন জেলা ও উপজেলা পর্যায়ের কর্মকর্তাবৃন্দ। তারা বলেন, সরকার এ বিষয়ে অত্যন্ত আন্তরিক এবং দ্রুত সমাধানের চেষ্টা চলছে।

এক সমীক্ষায় দেখা গেছে, শিক্ষার্থীরা বিভিন্ন ধরনের হয়রানির শিকার হচ্ছে এবং এ বিষয়ে তারা অভিযোগ জানাতে সংকোচ বোধ করে। সংশ্লিষ্টরা বলছেন, সচেতনতা বাড়ানো ও কার্যকর ব্যবস্থা গ্রহণ করা জরুরি। স্থানীয় প্রশাসন বিষয়টি তদন্ত করে প্রয়োজনীয় পদক্ষেপ নেওয়ার আশ্বাস দিয়েছে। সভায় উপস্থিত ছিলেন জেলা ও উপজেলা পর্যায়ের কর্মকর্তাবৃন্দ। তারা বলেন, সরকার এ বিষয়ে অত্যন্ত আন্তরিক এবং দ্রুত সমাধানের চেষ্টা চলছে।

এক সমীক্ষায় দেখা গেছে, শিক্ষার্থীরা বিভিন্ন ধরনের হয়রানির শিকার হচ্ছে এবং এ বিষয়ে তারা অভিযোগ জানাতে সংকোচ বোধ করে। সংশ্লিষ্টরা বলছেন, সচেতনতা বাড়ানো ও কার্যকর ব্যবস্থা গ্রহণ করা জরুরি। স্থানীয় প্রশাসন বিষয়টি তদন্ত করে প্রয়োজনীয় পদক্ষেপ নেওয়ার আশ্বাস দিয়েছে। সভায় উপস্থিত ছিলেন জেলা ও উপজেলা পর্যায়ের কর্মকর্তাবৃন্দ। তারা বলেন, সরকার এ বিষয়ে অত্যন্ত আন্তরিক এবং দ্রুত সমাধানের চেষ্টা চলছে।

করোনায় ২৪ ঘণ্টায়
(প্রথম পাতার পর)

এক সমীক্ষায় দেখা গেছে, শিক্ষার্থীরা বিভিন্ন ধরনের হয়রানির শিকার হচ্ছে এবং এ বিষয়ে তারা অভিযোগ জানাতে সংকোচ বোধ করে। সংশ্লিষ্টরা বলছেন, সচেতনতা বাড়ানো ও কার্যকর ব্যবস্থা গ্রহণ করা জরুরি। স্থানীয় প্রশাসন বিষয়টি তদন্ত করে প্রয়োজনীয় পদক্ষেপ নেওয়ার আশ্বাস দিয়েছে। সভায় উপস্থিত ছিলেন জেলা ও উপজেলা পর্যায়ের কর্মকর্তাবৃন্দ। তারা বলেন, সরকার এ বিষয়ে অত্যন্ত আন্তরিক এবং দ্রুত সমাধানের চেষ্টা চলছে।

এক সমীক্ষায় দেখা গেছে, শিক্ষার্থীরা বিভিন্ন ধরনের হয়রানির শিকার হচ্ছে এবং এ বিষয়ে তারা অভিযোগ জানাতে সংকোচ বোধ করে। সংশ্লিষ্টরা বলছেন, সচেতনতা বাড়ানো ও কার্যকর ব্যবস্থা গ্রহণ করা জরুরি। স্থানীয় প্রশাসন বিষয়টি তদন্ত করে প্রয়োজনীয় পদক্ষেপ নেওয়ার আশ্বাস দিয়েছে। সভায় উপস্থিত ছিলেন জেলা ও উপজেলা পর্যায়ের কর্মকর্তাবৃন্দ। তারা বলেন, সরকার এ বিষয়ে অত্যন্ত আন্তরিক এবং দ্রুত সমাধানের চেষ্টা চলছে।

এক সমীক্ষায় দেখা গেছে, শিক্ষার্থীরা বিভিন্ন ধরনের হয়রানির শিকার হচ্ছে এবং এ বিষয়ে তারা অভিযোগ জানাতে সংকোচ বোধ করে। সংশ্লিষ্টরা বলছেন, সচেতনতা বাড়ানো ও কার্যকর ব্যবস্থা গ্রহণ করা জরুরি। স্থানীয় প্রশাসন বিষয়টি তদন্ত করে প্রয়োজনীয় পদক্ষেপ নেওয়ার আশ্বাস দিয়েছে। সভায় উপস্থিত ছিলেন জেলা ও উপজেলা পর্যায়ের কর্মকর্তাবৃন্দ। তারা বলেন, সরকার এ বিষয়ে অত্যন্ত আন্তরিক এবং দ্রুত সমাধানের চেষ্টা চলছে।

এক সমীক্ষায় দেখা গেছে, শিক্ষার্থীরা বিভিন্ন ধরনের হয়রানির শিকার হচ্ছে এবং এ বিষয়ে তারা অভিযোগ জানাতে সংকোচ বোধ করে। সংশ্লিষ্টরা বলছেন, সচেতনতা বাড়ানো ও কার্যকর ব্যবস্থা গ্রহণ করা জরুরি। স্থানীয় প্রশাসন বিষয়টি তদন্ত করে প্রয়োজনীয় পদক্ষেপ নেওয়ার আশ্বাস দিয়েছে। সভায় উপস্থিত ছিলেন জেলা ও উপজেলা পর্যায়ের কর্মকর্তাবৃন্দ। তারা বলেন, সরকার এ বিষয়ে অত্যন্ত আন্তরিক এবং দ্রুত সমাধানের চেষ্টা চলছে।

এক সমীক্ষায় দেখা গেছে, শিক্ষার্থীরা বিভিন্ন ধরনের হয়রানির শিকার হচ্ছে এবং এ বিষয়ে তারা অভিযোগ জানাতে সংকোচ বোধ করে। সংশ্লিষ্টরা বলছেন, সচেতনতা বাড়ানো ও কার্যকর ব্যবস্থা গ্রহণ করা জরুরি। স্থানীয় প্রশাসন বিষয়টি তদন্ত করে প্রয়োজনীয় পদক্ষেপ নেওয়ার আশ্বাস দিয়েছে। সভায় উপস্থিত ছিলেন জেলা ও উপজেলা পর্যায়ের কর্মকর্তাবৃন্দ। তারা বলেন, সরকার এ বিষয়ে অত্যন্ত আন্তরিক এবং দ্রুত সমাধানের চেষ্টা চলছে।

মুসা বিন শমসেরকে
(প্রথম পাতার পর)

এক সমীক্ষায় দেখা গেছে, শিক্ষার্থীরা বিভিন্ন ধরনের হয়রানির শিকার হচ্ছে এবং এ বিষয়ে তারা অভিযোগ জানাতে সংকোচ বোধ করে। সংশ্লিষ্টরা বলছেন, সচেতনতা বাড়ানো ও কার্যকর ব্যবস্থা গ্রহণ করা জরুরি। স্থানীয় প্রশাসন বিষয়টি তদন্ত করে প্রয়োজনীয় পদক্ষেপ নেওয়ার আশ্বাস দিয়েছে। সভায় উপস্থিত ছিলেন জেলা ও উপজেলা পর্যায়ের কর্মকর্তাবৃন্দ। তারা বলেন, সরকার এ বিষয়ে অত্যন্ত আন্তরিক এবং দ্রুত সমাধানের চেষ্টা চলছে।

এক সমীক্ষায় দেখা গেছে, শিক্ষার্থীরা বিভিন্ন ধরনের হয়রানির শিকার হচ্ছে এবং এ বিষয়ে তারা অভিযোগ জানাতে সংকোচ বোধ করে। সংশ্লিষ্টরা বলছেন, সচেতনতা বাড়ানো ও কার্যকর ব্যবস্থা গ্রহণ করা জরুরি। স্থানীয় প্রশাসন বিষয়টি তদন্ত করে প্রয়োজনীয় পদক্ষেপ নেওয়ার আশ্বাস দিয়েছে। সভায় উপস্থিত ছিলেন জেলা ও উপজেলা পর্যায়ের কর্মকর্তাবৃন্দ। তারা বলেন, সরকার এ বিষয়ে অত্যন্ত আন্তরিক এবং দ্রুত সমাধানের চেষ্টা চলছে।

এক সমীক্ষায় দেখা গেছে, শিক্ষার্থীরা বিভিন্ন ধরনের হয়রানির শিকার হচ্ছে এবং এ বিষয়ে তারা অভিযোগ জানাতে সংকোচ বোধ করে। সংশ্লিষ্টরা বলছেন, সচেতনতা বাড়ানো ও কার্যকর ব্যবস্থা গ্রহণ করা জরুরি। স্থানীয় প্রশাসন বিষয়টি তদন্ত করে প্রয়োজনীয় পদক্ষেপ নেওয়ার আশ্বাস দিয়েছে। সভায় উপস্থিত ছিলেন জেলা ও উপজেলা পর্যায়ের কর্মকর্তাবৃন্দ। তারা বলেন, সরকার এ বিষয়ে অত্যন্ত আন্তরিক এবং দ্রুত সমাধানের চেষ্টা চলছে।

এক সমীক্ষায় দেখা গেছে, শিক্ষার্থীরা বিভিন্ন ধরনের হয়রানির শিকার হচ্ছে এবং এ বিষয়ে তারা অভিযোগ জানাতে সংকোচ বোধ করে। সংশ্লিষ্টরা বলছেন, সচেতনতা বাড়ানো ও কার্যকর ব্যবস্থা গ্রহণ করা জরুরি। স্থানীয় প্রশাসন বিষয়টি তদন্ত করে প্রয়োজনীয় পদক্ষেপ নেওয়ার আশ্বাস দিয়েছে। সভায় উপস্থিত ছিলেন জেলা ও উপজেলা পর্যায়ের কর্মকর্তাবৃন্দ। তারা বলেন, সরকার এ বিষয়ে অত্যন্ত আন্তরিক এবং দ্রুত সমাধানের চেষ্টা চলছে।

সিআইডির নজরদারিতে
(প্রথম পাতার পর)

এক সমীক্ষায় দেখা গেছে, শিক্ষার্থীরা বিভিন্ন ধরনের হয়রানির শিকার হচ্ছে এবং এ বিষয়ে তারা অভিযোগ জানাতে সংকোচ বোধ করে। সংশ্লিষ্টরা বলছেন, সচেতনতা বাড়ানো ও কার্যকর ব্যবস্থা গ্রহণ করা জরুরি। স্থানীয় প্রশাসন বিষয়টি তদন্ত করে প্রয়োজনীয় পদক্ষেপ নেওয়ার আশ্বাস দিয়েছে। সভায় উপস্থিত ছিলেন জেলা ও উপজেলা পর্যায়ের কর্মকর্তাবৃন্দ। তারা বলেন, সরকার এ বিষয়ে অত্যন্ত আন্তরিক এবং দ্রুত সমাধানের চেষ্টা চলছে।

এক সমীক্ষায় দেখা গেছে, শিক্ষার্থীরা বিভিন্ন ধরনের হয়রানির শিকার হচ্ছে এবং এ বিষয়ে তারা অভিযোগ জানাতে সংকোচ বোধ করে। সংশ্লিষ্টরা বলছেন, সচেতনতা বাড়ানো ও কার্যকর ব্যবস্থা গ্রহণ করা জরুরি। স্থানীয় প্রশাসন বিষয়টি তদন্ত করে প্রয়োজনীয় পদক্ষেপ নেওয়ার আশ্বাস দিয়েছে। সভায় উপস্থিত ছিলেন জেলা ও উপজেলা পর্যায়ের কর্মকর্তাবৃন্দ। তারা বলেন, সরকার এ বিষয়ে অত্যন্ত আন্তরিক এবং দ্রুত সমাধানের চেষ্টা চলছে।

এক সমীক্ষায় দেখা গেছে, শিক্ষার্থীরা বিভিন্ন ধরনের হয়রানির শিকার হচ্ছে এবং এ বিষয়ে তারা অভিযোগ জানাতে সংকোচ বোধ করে। সংশ্লিষ্টরা বলছেন, সচেতনতা বাড়ানো ও কার্যকর ব্যবস্থা গ্রহণ করা জরুরি। স্থানীয় প্রশাসন বিষয়টি তদন্ত করে প্রয়োজনীয় পদক্ষেপ নেওয়ার আশ্বাস দিয়েছে। সভায় উপস্থিত ছিলেন জেলা ও উপজেলা পর্যায়ের কর্মকর্তাবৃন্দ। তারা বলেন, সরকার এ বিষয়ে অত্যন্ত আন্তরিক এবং দ্রুত সমাধানের চেষ্টা চলছে।

এক সমীক্ষায় দেখা গেছে, শিক্ষার্থীরা বিভিন্ন ধরনের হয়রানির শিকার হচ্ছে এবং এ বিষয়ে তারা অভিযোগ জানাতে সংকোচ বোধ করে। সংশ্লিষ্টরা বলছেন, সচেতনতা বাড়ানো ও কার্যকর ব্যবস্থা গ্রহণ করা জরুরি। স্থানীয় প্রশাসন বিষয়টি তদন্ত করে প্রয়োজনীয় পদক্ষেপ নেওয়ার আশ্বাস দিয়েছে। সভায় উপস্থিত ছিলেন জেলা ও উপজেলা পর্যায়ের কর্মকর্তাবৃন্দ। তারা বলেন, সরকার এ বিষয়ে অত্যন্ত আন্তরিক এবং দ্রুত সমাধানের চেষ্টা চলছে।

এক সমীক্ষায় দেখা গেছে, শিক্ষার্থীরা বিভিন্ন ধরনের হয়রানির শিকার হচ্ছে এবং এ বিষয়ে তারা অভিযোগ জানাতে সংকোচ বোধ করে। সংশ্লিষ্টরা বলছেন, সচেতনতা বাড়ানো ও কার্যকর ব্যবস্থা গ্রহণ করা জরুরি। স্থানীয় প্রশাসন বিষয়টি তদন্ত করে প্রয়োজনীয় পদক্ষেপ নেওয়ার আশ্বাস দিয়েছে। সভায় উপস্থিত ছিলেন জেলা ও উপজেলা পর্যায়ের কর্মকর্তাবৃন্দ। তারা বলেন, সরকার এ বিষয়ে অত্যন্ত আন্তরিক এবং দ্রুত সমাধানের চেষ্টা চলছে।

এক সমীক্ষায় দেখা গেছে, শিক্ষার্থীরা বিভিন্ন ধরনের হয়রানির শিকার হচ্ছে এবং এ বিষয়ে তারা অভিযোগ জানাতে সংকোচ বোধ করে। সংশ্লিষ্টরা বলছেন, সচেতনতা বাড়ানো ও কার্যকর ব্যবস্থা গ্রহণ করা জরুরি। স্থানীয় প্রশাসন বিষয়টি তদন্ত করে প্রয়োজনীয় পদক্ষেপ নেওয়ার আশ্বাস দিয়েছে। সভায় উপস্থিত ছিলেন জেলা ও উপজেলা পর্যায়ের কর্মকর্তাবৃন্দ। তারা বলেন, সরকার এ বিষয়ে অত্যন্ত আন্তরিক এবং দ্রুত সমাধানের চেষ্টা চলছে।

এক সমীক্ষায় দেখা গেছে, শিক্ষার্থীরা বিভিন্ন ধরনের হয়রানির শিকার হচ্ছে এবং এ বিষয়ে তারা অভিযোগ জানাতে সংকোচ বোধ করে। সংশ্লিষ্টরা বলছেন, সচেতনতা বাড়ানো ও কার্যকর ব্যবস্থা গ্রহণ করা জরুরি। স্থানীয় প্রশাসন বিষয়টি তদন্ত করে প্রয়োজনীয় পদক্ষেপ নেওয়ার আশ্বাস দিয়েছে। সভায় উপস্থিত ছিলেন জেলা ও উপজেলা পর্যায়ের কর্মকর্তাবৃন্দ। তারা বলেন, সরকার এ বিষয়ে অত্যন্ত আন্তরিক এবং দ্রুত সমাধানের চেষ্টা চলছে।

এসএসসি পরীক্ষা কেন্দ্রের
(প্রথম পাতার পর)

এক সমীক্ষায় দেখা গেছে, শিক্ষার্থীরা বিভিন্ন ধরনের হয়রানির শিকার হচ্ছে এবং এ বিষয়ে তারা অভিযোগ জানাতে সংকোচ বোধ করে। সংশ্লিষ্টরা বলছেন, সচেতনতা বাড়ানো ও কার্যকর ব্যবস্থা গ্রহণ করা জরুরি। স্থানীয় প্রশাসন বিষয়টি তদন্ত করে প্রয়োজনীয় পদক্ষেপ নেওয়ার আশ্বাস দিয়েছে। সভায় উপস্থিত ছিলেন জেলা ও উপজেলা পর্যায়ের কর্মকর্তাবৃন্দ। তারা বলেন, সরকার এ বিষয়ে অত্যন্ত আন্তরিক এবং দ্রুত সমাধানের চেষ্টা চলছে।

এক সমীক্ষায় দেখা গেছে, শিক্ষার্থীরা বিভিন্ন ধরনের হয়রানির শিকার হচ্ছে এবং এ বিষয়ে তারা অভিযোগ জানাতে সংকোচ বোধ করে। সংশ্লিষ্টরা বলছেন, সচেতনতা বাড়ানো ও কার্যকর ব্যবস্থা গ্রহণ করা জরুরি। স্থানীয় প্রশাসন বিষয়টি তদন্ত করে প্রয়োজনীয় পদক্ষেপ নেওয়ার আশ্বাস দিয়েছে। সভায় উপস্থিত ছিলেন জেলা ও উপজেলা পর্যায়ের কর্মকর্তাবৃন্দ। তারা বলেন, সরকার এ বিষয়ে অত্যন্ত আন্তরিক এবং দ্রুত সমাধানের চেষ্টা চলছে।

এক সমীক্ষায় দেখা গেছে, শিক্ষার্থীরা বিভিন্ন ধরনের হয়রানির শিকার হচ্ছে এবং এ বিষয়ে তারা অভিযোগ জানাতে সংকোচ বোধ করে। সংশ্লিষ্টরা বলছেন, সচেতনতা বাড়ানো ও কার্যকর ব্যবস্থা গ্রহণ করা জরুরি। স্থানীয় প্রশাসন বিষয়টি তদন্ত করে প্রয়োজনীয় পদক্ষেপ নেওয়ার আশ্বাস দিয়েছে। সভায় উপস্থিত ছিলেন জেলা ও উপজেলা পর্যায়ের কর্মকর্তাবৃন্দ। তারা বলেন, সরকার এ বিষয়ে অত্যন্ত আন্তরিক এবং দ্রুত সমাধানের চেষ্টা চলছে।

এক সমীক্ষায় দেখা গেছে, শিক্ষার্থীরা বিভিন্ন ধরনের হয়রানির শিকার হচ্ছে এবং এ বিষয়ে তারা অভিযোগ জানাতে সংকোচ বোধ করে। সংশ্লিষ্টরা বলছেন, সচেতনতা বাড়ানো ও কার্যকর ব্যবস্থা গ্রহণ করা জরুরি। স্থানীয় প্রশাসন বিষয়টি তদন্ত করে প্রয়োজনীয় পদক্ষেপ নেওয়ার আশ্বাস দিয়েছে। সভায় উপস্থিত ছিলেন জেলা ও উপজেলা পর্যায়ের কর্মকর্তাবৃন্দ। তারা বলেন, সরকার এ বিষয়ে অত্যন্ত আন্তরিক এবং দ্রুত সমাধানের চেষ্টা চলছে।

এক সমীক্ষায় দেখা গেছে, শিক্ষার্থীরা বিভিন্ন ধরনের হয়রানির শিকার হচ্ছে এবং এ বিষয়ে তারা অভিযোগ জানাতে সংকোচ বোধ করে। সংশ্লিষ্টরা বলছেন, সচেতনতা বাড়ানো ও কার্যকর ব্যবস্থা গ্রহণ করা জরুরি। স্থানীয় প্রশাসন বিষয়টি তদন্ত করে প্রয়োজনীয় পদক্ষেপ নেওয়ার আশ্বাস দিয়েছে। সভায় উপস্থিত ছিলেন জেলা ও উপজেলা পর্যায়ের কর্মকর্তাবৃন্দ। তারা বলেন, সরকার এ বিষয়ে অত্যন্ত আন্তরিক এবং দ্রুত সমাধানের চেষ্টা চলছে।

বছরে ২৮০০ কোটি
(প্রথম পাতার পর)

এক সমীক্ষায় দেখা গেছে, শিক্ষার্থীরা বিভিন্ন ধরনের হয়রানির শিকার হচ্ছে এবং এ বিষয়ে তারা অভিযোগ জানাতে সংকোচ বোধ করে। সংশ্লিষ্টরা বলছেন, সচেতনতা বাড়ানো ও কার্যকর ব্যবস্থা গ্রহণ করা জরুরি। স্থানীয় প্রশাসন বিষয়টি তদন্ত করে প্রয়োজনীয় পদক্ষেপ নেওয়ার আশ্বাস দিয়েছে। সভায় উপস্থিত ছিলেন জেলা ও উপজেলা পর্যায়ের কর্মকর্তাবৃন্দ। তারা বলেন, সরকার এ বিষয়ে অত্যন্ত আন্তরিক এবং দ্রুত সমাধানের চেষ্টা চলছে।

এক সমীক্ষায় দেখা গেছে, শিক্ষার্থীরা বিভিন্ন ধরনের হয়রানির শিকার হচ্ছে এবং এ বিষয়ে তারা অভিযোগ জানাতে সংকোচ বোধ করে। সংশ্লিষ্টরা বলছেন, সচেতনতা বাড়ানো ও কার্যকর ব্যবস্থা গ্রহণ করা জরুরি। স্থানীয় প্রশাসন বিষয়টি তদন্ত করে প্রয়োজনীয় পদক্ষেপ নেওয়ার আশ্বাস দিয়েছে। সভায় উপস্থিত ছিলেন জেলা ও উপজেলা পর্যায়ের কর্মকর্তাবৃন্দ। তারা বলেন, সরকার এ বিষয়ে অত্যন্ত আন্তরিক এবং দ্রুত সমাধানের চেষ্টা চলছে।

এক সমীক্ষায় দেখা গেছে, শিক্ষার্থীরা বিভিন্ন ধরনের হয়রানির শিকার হচ্ছে এবং এ বিষয়ে তারা অভিযোগ জানাতে সংকোচ বোধ করে। সংশ্লিষ্টরা বলছেন, সচেতনতা বাড়ানো ও কার্যকর ব্যবস্থা গ্রহণ করা জরুরি। স্থানীয় প্রশাসন বিষয়টি তদন্ত করে প্রয়োজনীয় পদক্ষেপ নেওয়ার আশ্বাস দিয়েছে। সভায় উপস্থিত ছিলেন জেলা ও উপজেলা পর্যায়ের কর্মকর্তাবৃন্দ। তারা বলেন, সরকার এ বিষয়ে অত্যন্ত আন্তরিক এবং দ্রুত সমাধানের চেষ্টা চলছে।

ট্রেনে পাথর ছোড়াদের
(প্রথম পাতার পর)

এক সমীক্ষায় দেখা গেছে, শিক্ষার্থীরা বিভিন্ন ধরনের হয়রানির শিকার হচ্ছে এবং এ বিষয়ে তারা অভিযোগ জানাতে সংকোচ বোধ করে। সংশ্লিষ্টরা বলছেন, সচেতনতা বাড়ানো ও কার্যকর ব্যবস্থা গ্রহণ করা জরুরি। স্থানীয় প্রশাসন বিষয়টি তদন্ত করে প্রয়োজনীয় পদক্ষেপ নেওয়ার আশ্বাস দিয়েছে। সভায় উপস্থিত ছিলেন জেলা ও উপজেলা পর্যায়ের কর্মকর্তাবৃন্দ। তারা বলেন, সরকার এ বিষয়ে অত্যন্ত আন্তরিক এবং দ্রুত সমাধানের চেষ্টা চলছে।

এক সমীক্ষায় দেখা গেছে, শিক্ষার্থীরা বিভিন্ন ধরনের হয়রানির শিকার হচ্ছে এবং এ বিষয়ে তারা অভিযোগ জানাতে সংকোচ বোধ করে। সংশ্লিষ্টরা বলছেন, সচেতনতা বাড়ানো ও কার্যকর ব্যবস্থা গ্রহণ করা জরুরি। স্থানীয় প্রশাসন বিষয়টি তদন্ত করে প্রয়োজনীয় পদক্ষেপ নেওয়ার আশ্বাস দিয়েছে। সভায় উপস্থিত ছিলেন জেলা ও উপজেলা পর্যায়ের কর্মকর্তাবৃন্দ। তারা বলেন, সরকার এ বিষয়ে অত্যন্ত আন্তরিক এবং দ্রুত সমাধানের চেষ্টা চলছে।

এক সমীক্ষায় দেখা গেছে, শিক্ষার্থীরা বিভিন্ন ধরনের হয়রানির শিকার হচ্ছে এবং এ বিষয়ে তারা অভিযোগ জানাতে সংকোচ বোধ করে। সংশ্লিষ্টরা বলছেন, সচেতনতা বাড়ানো ও কার্যকর ব্যবস্থা গ্রহণ করা জরুরি। স্থানীয় প্রশাসন বিষয়টি তদন্ত করে প্রয়োজনীয় পদক্ষেপ নেওয়ার আশ্বাস দিয়েছে। সভায় উপস্থিত ছিলেন জেলা ও উপজেলা পর্যায়ের কর্মকর্তাবৃন্দ। তারা বলেন, সরকার এ বিষয়ে অত্যন্ত আন্তরিক এবং দ্রুত সমাধানের চেষ্টা চলছে।

আজ রেইনট্রি ধর্ষণ
(প্রথম পাতার পর)

এক সমীক্ষায় দেখা গেছে, শিক্ষার্থীরা বিভিন্ন ধরনের হয়রানির শিকার হচ্ছে এবং এ বিষয়ে তারা অভিযোগ জানাতে সংকোচ বোধ করে। সংশ্লিষ্টরা বলছেন, সচেতনতা বাড়ানো ও কার্যকর ব্যবস্থা গ্রহণ করা জরুরি। স্থানীয় প্রশাসন বিষয়টি তদন্ত করে প্রয়োজনীয় পদক্ষেপ নেওয়ার আশ্বাস দিয়েছে। সভায় উপস্থিত ছিলেন জেলা ও উপজেলা পর্যায়ের কর্মকর্তাবৃন্দ। তারা বলেন, সরকার এ বিষয়ে অত্যন্ত আন্তরিক এবং দ্রুত সমাধানের চেষ্টা চলছে।

এক সমীক্ষায় দেখা গেছে, শিক্ষার্থীরা বিভিন্ন ধরনের হয়রানির শিকার হচ্ছে এবং এ বিষয়ে তারা অভিযোগ জানাতে সংকোচ বোধ করে। সংশ্লিষ্টরা বলছেন, সচেতনতা বাড়ানো ও কার্যকর ব্যবস্থা গ্রহণ করা জরুরি। স্থানীয় প্রশাসন বিষয়টি তদন্ত করে প্রয়োজনীয় পদক্ষেপ নেওয়ার আশ্বাস দিয়েছে। সভায় উপস্থিত ছিলেন জেলা ও উপজেলা পর্যায়ের কর্মকর্তাবৃন্দ। তারা বলেন, সরকার এ বিষয়ে অত্যন্ত আন্তরিক এবং দ্রুত সমাধানের চেষ্টা চলছে।

(প্রথম পাতার পর)

এক সমীক্ষায় দেখা গেছে, শিক্ষার্থীরা বিভিন্ন ধরনের হয়রানির শিকার হচ্ছে এবং এ বিষয়ে তারা অভিযোগ জানাতে সংকোচ বোধ করে। সংশ্লিষ্টরা বলছেন, সচেতনতা বাড়ানো ও কার্যকর ব্যবস্থা গ্রহণ করা জরুরি। স্থানীয় প্রশাসন বিষয়টি তদন্ত করে প্রয়োজনীয় পদক্ষেপ নেওয়ার আশ্বাস দিয়েছে। সভায় উপস্থিত ছিলেন জেলা ও উপজেলা পর্যায়ের কর্মকর্তাবৃন্দ। তারা বলেন, সরকার এ বিষয়ে অত্যন্ত আন্তরিক এবং দ্রুত সমাধানের চেষ্টা চলছে।

এক সমীক্ষায় দেখা গেছে, শিক্ষার্থীরা বিভিন্ন ধরনের হয়রানির শিকার হচ্ছে এবং এ বিষয়ে তারা অভিযোগ জানাতে সংকোচ বোধ করে। সংশ্লিষ্টরা বলছেন, সচেতনতা বাড়ানো ও কার্যকর ব্যবস্থা গ্রহণ করা জরুরি। স্থানীয় প্রশাসন বিষয়টি তদন্ত করে প্রয়োজনীয় পদক্ষেপ নেওয়ার আশ্বাস দিয়েছে। সভায় উপস্থিত ছিলেন জেলা ও উপজেলা পর্যায়ের কর্মকর্তাবৃন্দ। তারা বলেন, সরকার এ বিষয়ে অত্যন্ত আন্তরিক এবং দ্রুত সমাধানের চেষ্টা চলছে।

এক সমীক্ষায় দেখা গেছে, শিক্ষার্থীরা বিভিন্ন ধরনের হয়রানির শিকার হচ্ছে এবং এ বিষয়ে তারা অভিযোগ জানাতে সংকোচ বোধ করে। সংশ্লিষ্টরা বলছেন, সচেতনতা বাড়ানো ও কার্যকর ব্যবস্থা গ্রহণ করা জরুরি। স্থানীয় প্রশাসন বিষয়টি তদন্ত করে প্রয়োজনীয় পদক্ষেপ নেওয়ার আশ্বাস দিয়েছে। সভায় উপস্থিত ছিলেন জেলা ও উপজেলা পর্যায়ের কর্মকর্তাবৃন্দ। তারা বলেন, সরকার এ বিষয়ে অত্যন্ত আন্তরিক এবং দ্রুত সমাধানের চেষ্টা চলছে।

এক সমীক্ষায় দেখা গেছে, শিক্ষার্থীরা বিভিন্ন ধরনের হয়রানির শিকার হচ্ছে এবং এ বিষয়ে তারা অভিযোগ জানাতে সংকোচ বোধ করে। সংশ্লিষ্টরা বলছেন, সচেতনতা বাড়ানো ও কার্যকর ব্যবস্থা গ্রহণ করা জরুরি। স্থানীয় প্রশাসন বিষয়টি তদন্ত করে প্রয়োজনীয় পদক্ষেপ নেওয়ার আশ্বাস দিয়েছে। সভায় উপস্থিত ছিলেন জেলা ও উপজেলা পর্যায়ের কর্মকর্তাবৃন্দ। তারা বলেন, সরকার এ বিষয়ে অত্যন্ত আন্তরিক এবং দ্রুত সমাধানের চেষ্টা চলছে।

এক সমীক্ষায় দেখা গেছে, শিক্ষার্থীরা বিভিন্ন ধরনের হয়রানির শিকার হচ্ছে এবং এ বিষয়ে তারা অভিযোগ জানাতে সংকোচ বোধ করে। সংশ্লিষ্টরা বলছেন, সচেতনতা বাড়ানো ও কার্যকর ব্যবস্থা গ্রহণ করা জরুরি। স্থানীয় প্রশাসন বিষয়টি তদন্ত করে প্রয়োজনীয় পদক্ষেপ নেওয়ার আশ্বাস দিয়েছে। সভায় উপস্থিত ছিলেন জেলা ও উপজেলা পর্যায়ের কর্মকর্তাবৃন্দ। তারা বলেন, সরকার এ বিষয়ে অত্যন্ত আন্তরিক এবং দ্রুত সমাধানের চেষ্টা চলছে।

এক সমীক্ষায় দেখা গেছে, শিক্ষার্থীরা বিভিন্ন ধরনের হয়রানির শিকার হচ্ছে এবং এ বিষয়ে তারা অভিযোগ জানাতে সংকোচ বোধ করে। সংশ্লিষ্টরা বলছেন, সচেতনতা বাড়ানো ও কার্যকর ব্যবস্থা গ্রহণ করা জরুরি। স্থানীয় প্রশাসন বিষয়টি তদন্ত করে প্রয়োজনীয় পদক্ষেপ নেওয়ার আশ্বাস দিয়েছে। সভায় উপস্থিত ছিলেন জেলা ও উপজেলা পর্যায়ের কর্মকর্তাবৃন্দ। তারা বলেন, সরকার এ বিষয়ে অত্যন্ত আন্তরিক এবং দ্রুত সমাধানের চেষ্টা চলছে।
